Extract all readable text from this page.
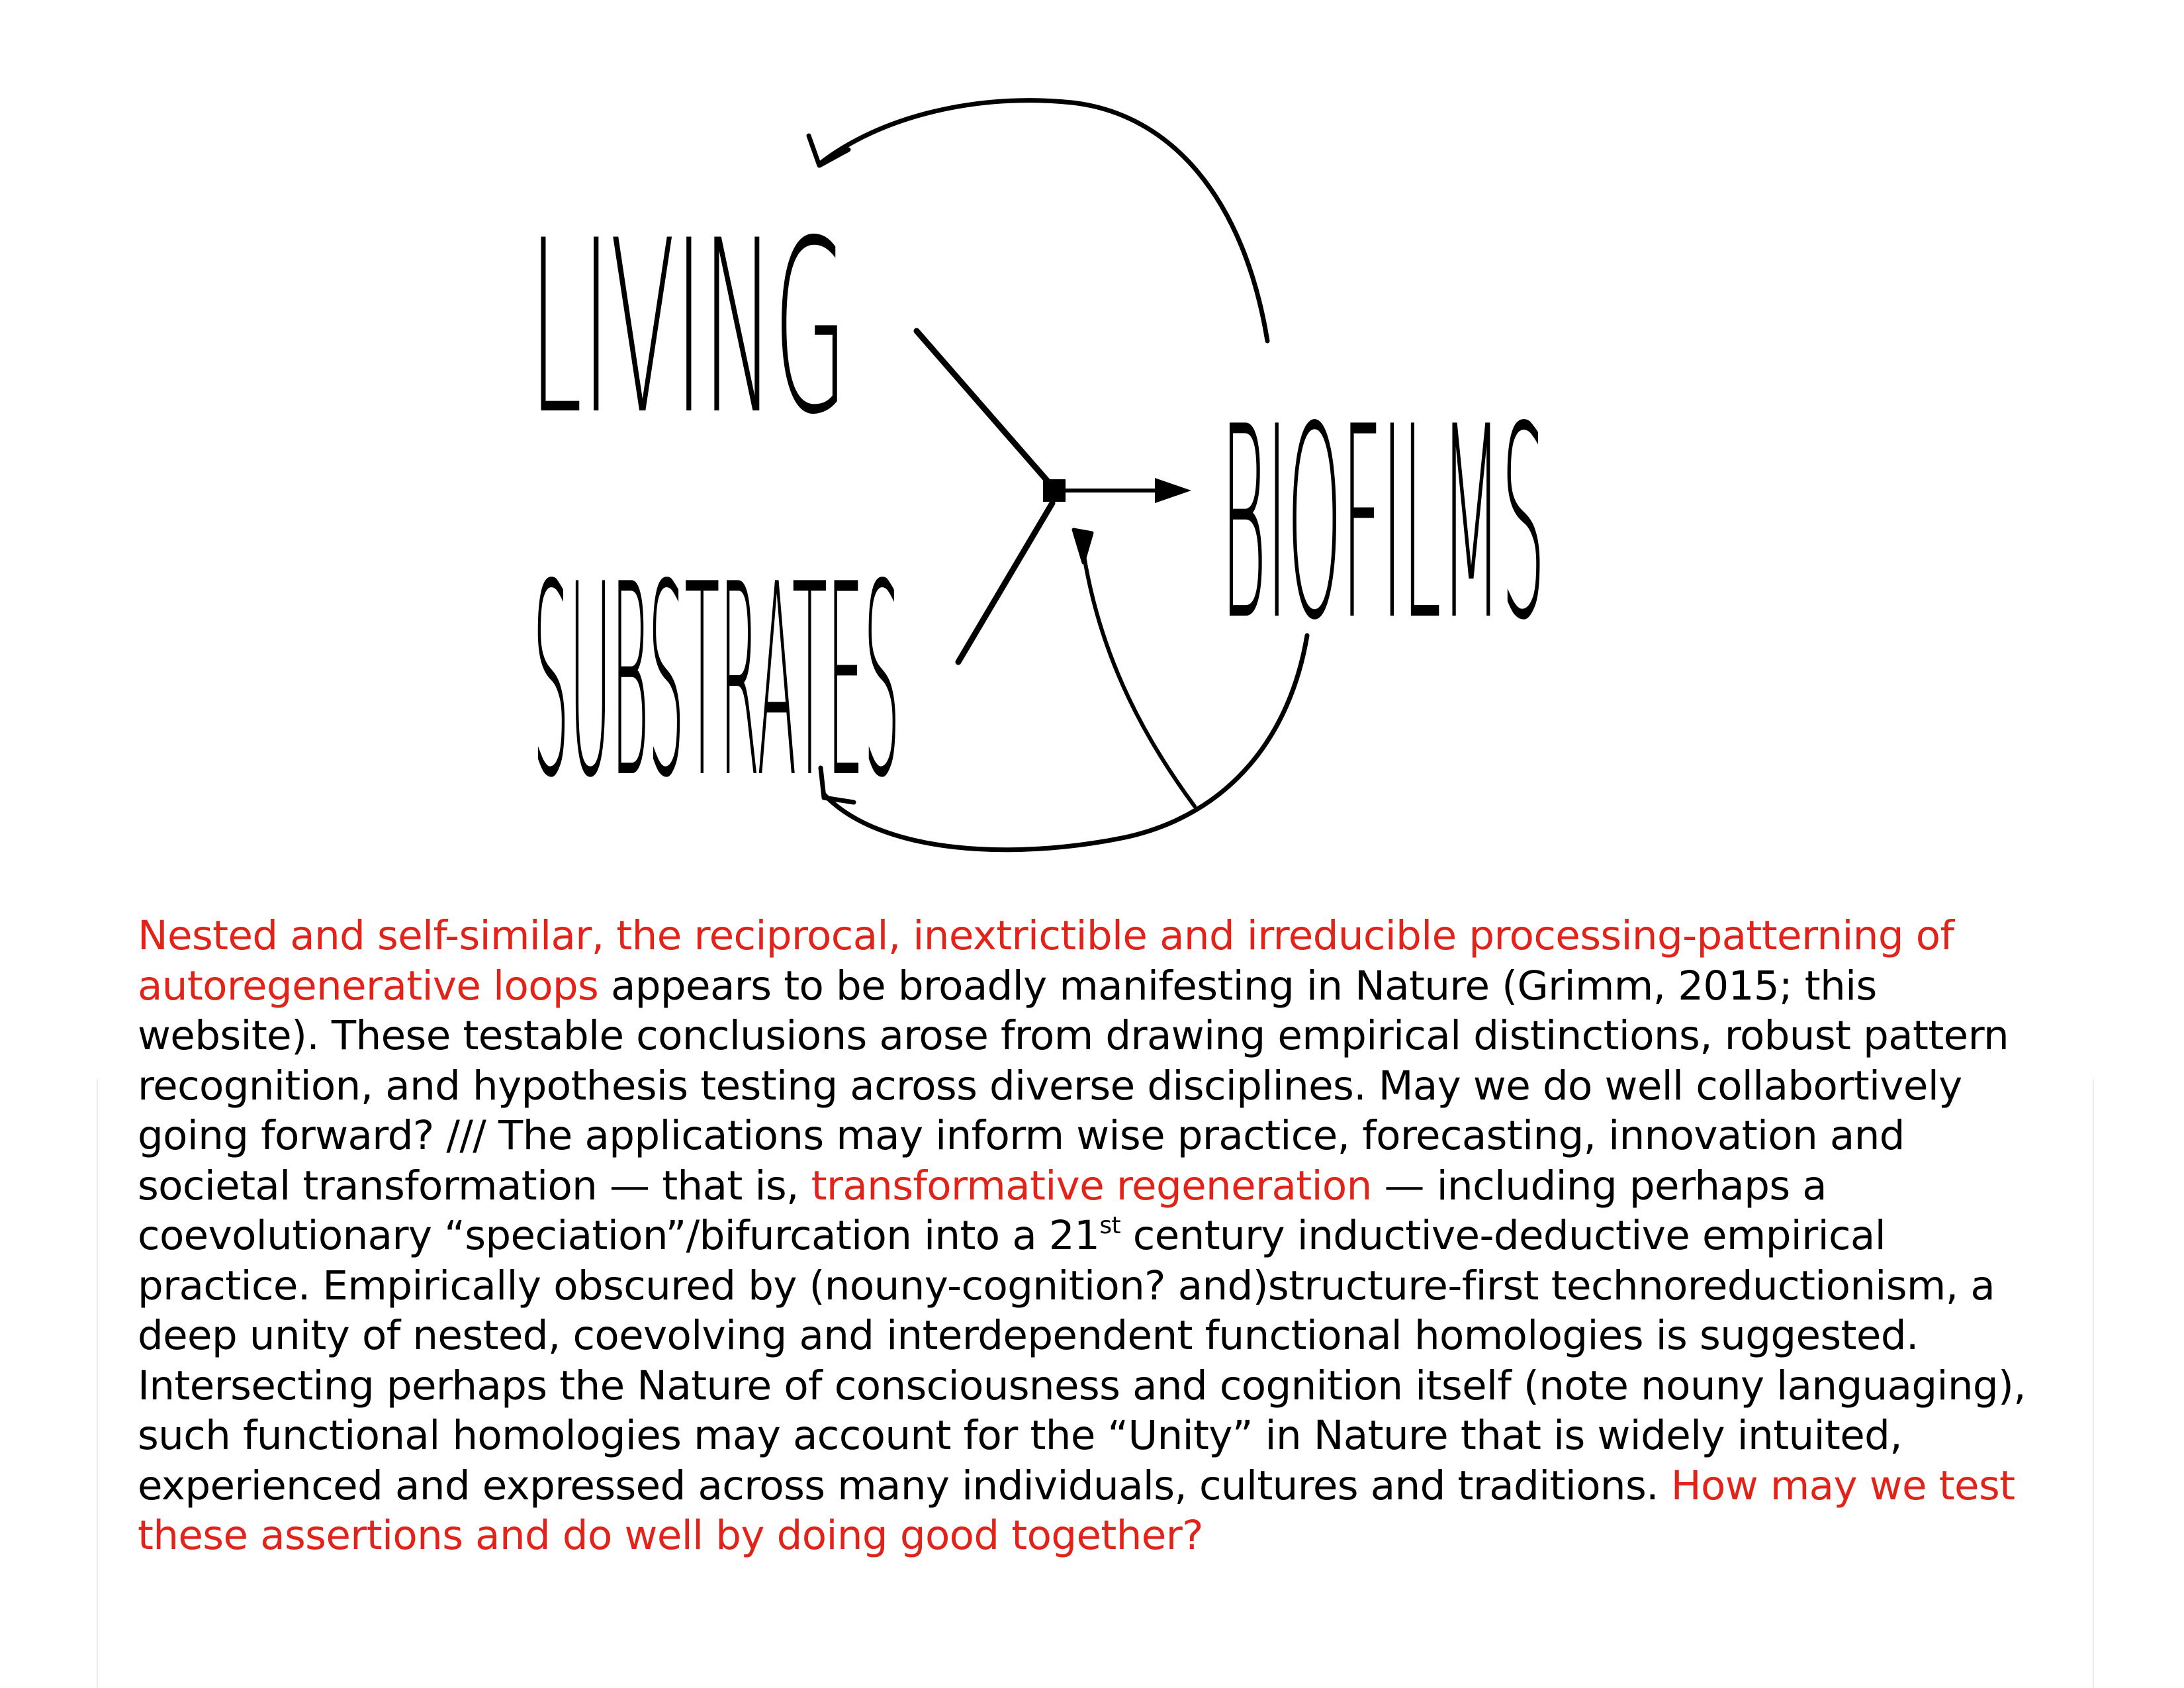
LIVING
SUBSTRATES
BIOFILMS
Nested and self-similar, the reciprocal, inextrictible and irreducible processing-patterning of
autoregenerative loops appears to be broadly manifesting in Nature (Grimm, 2015; this
website). These testable conclusions arose from drawing empirical distinctions, robust pattern
recognition, and hypothesis testing across diverse disciplines. May we do well collabortively
going forward? /// The applications may inform wise practice, forecasting, innovation and
societal transformation — that is, transformative regeneration — including perhaps a
coevolutionary “speciation”/bifurcation into a 21st century inductive-deductive empirical
practice. Empirically obscured by (nouny-cognition? and)structure-first technoreductionism, a
deep unity of nested, coevolving and interdependent functional homologies is suggested.
Intersecting perhaps the Nature of consciousness and cognition itself (note nouny languaging),
such functional homologies may account for the “Unity” in Nature that is widely intuited,
experienced and expressed across many individuals, cultures and traditions. How may we test
these assertions and do well by doing good together?
